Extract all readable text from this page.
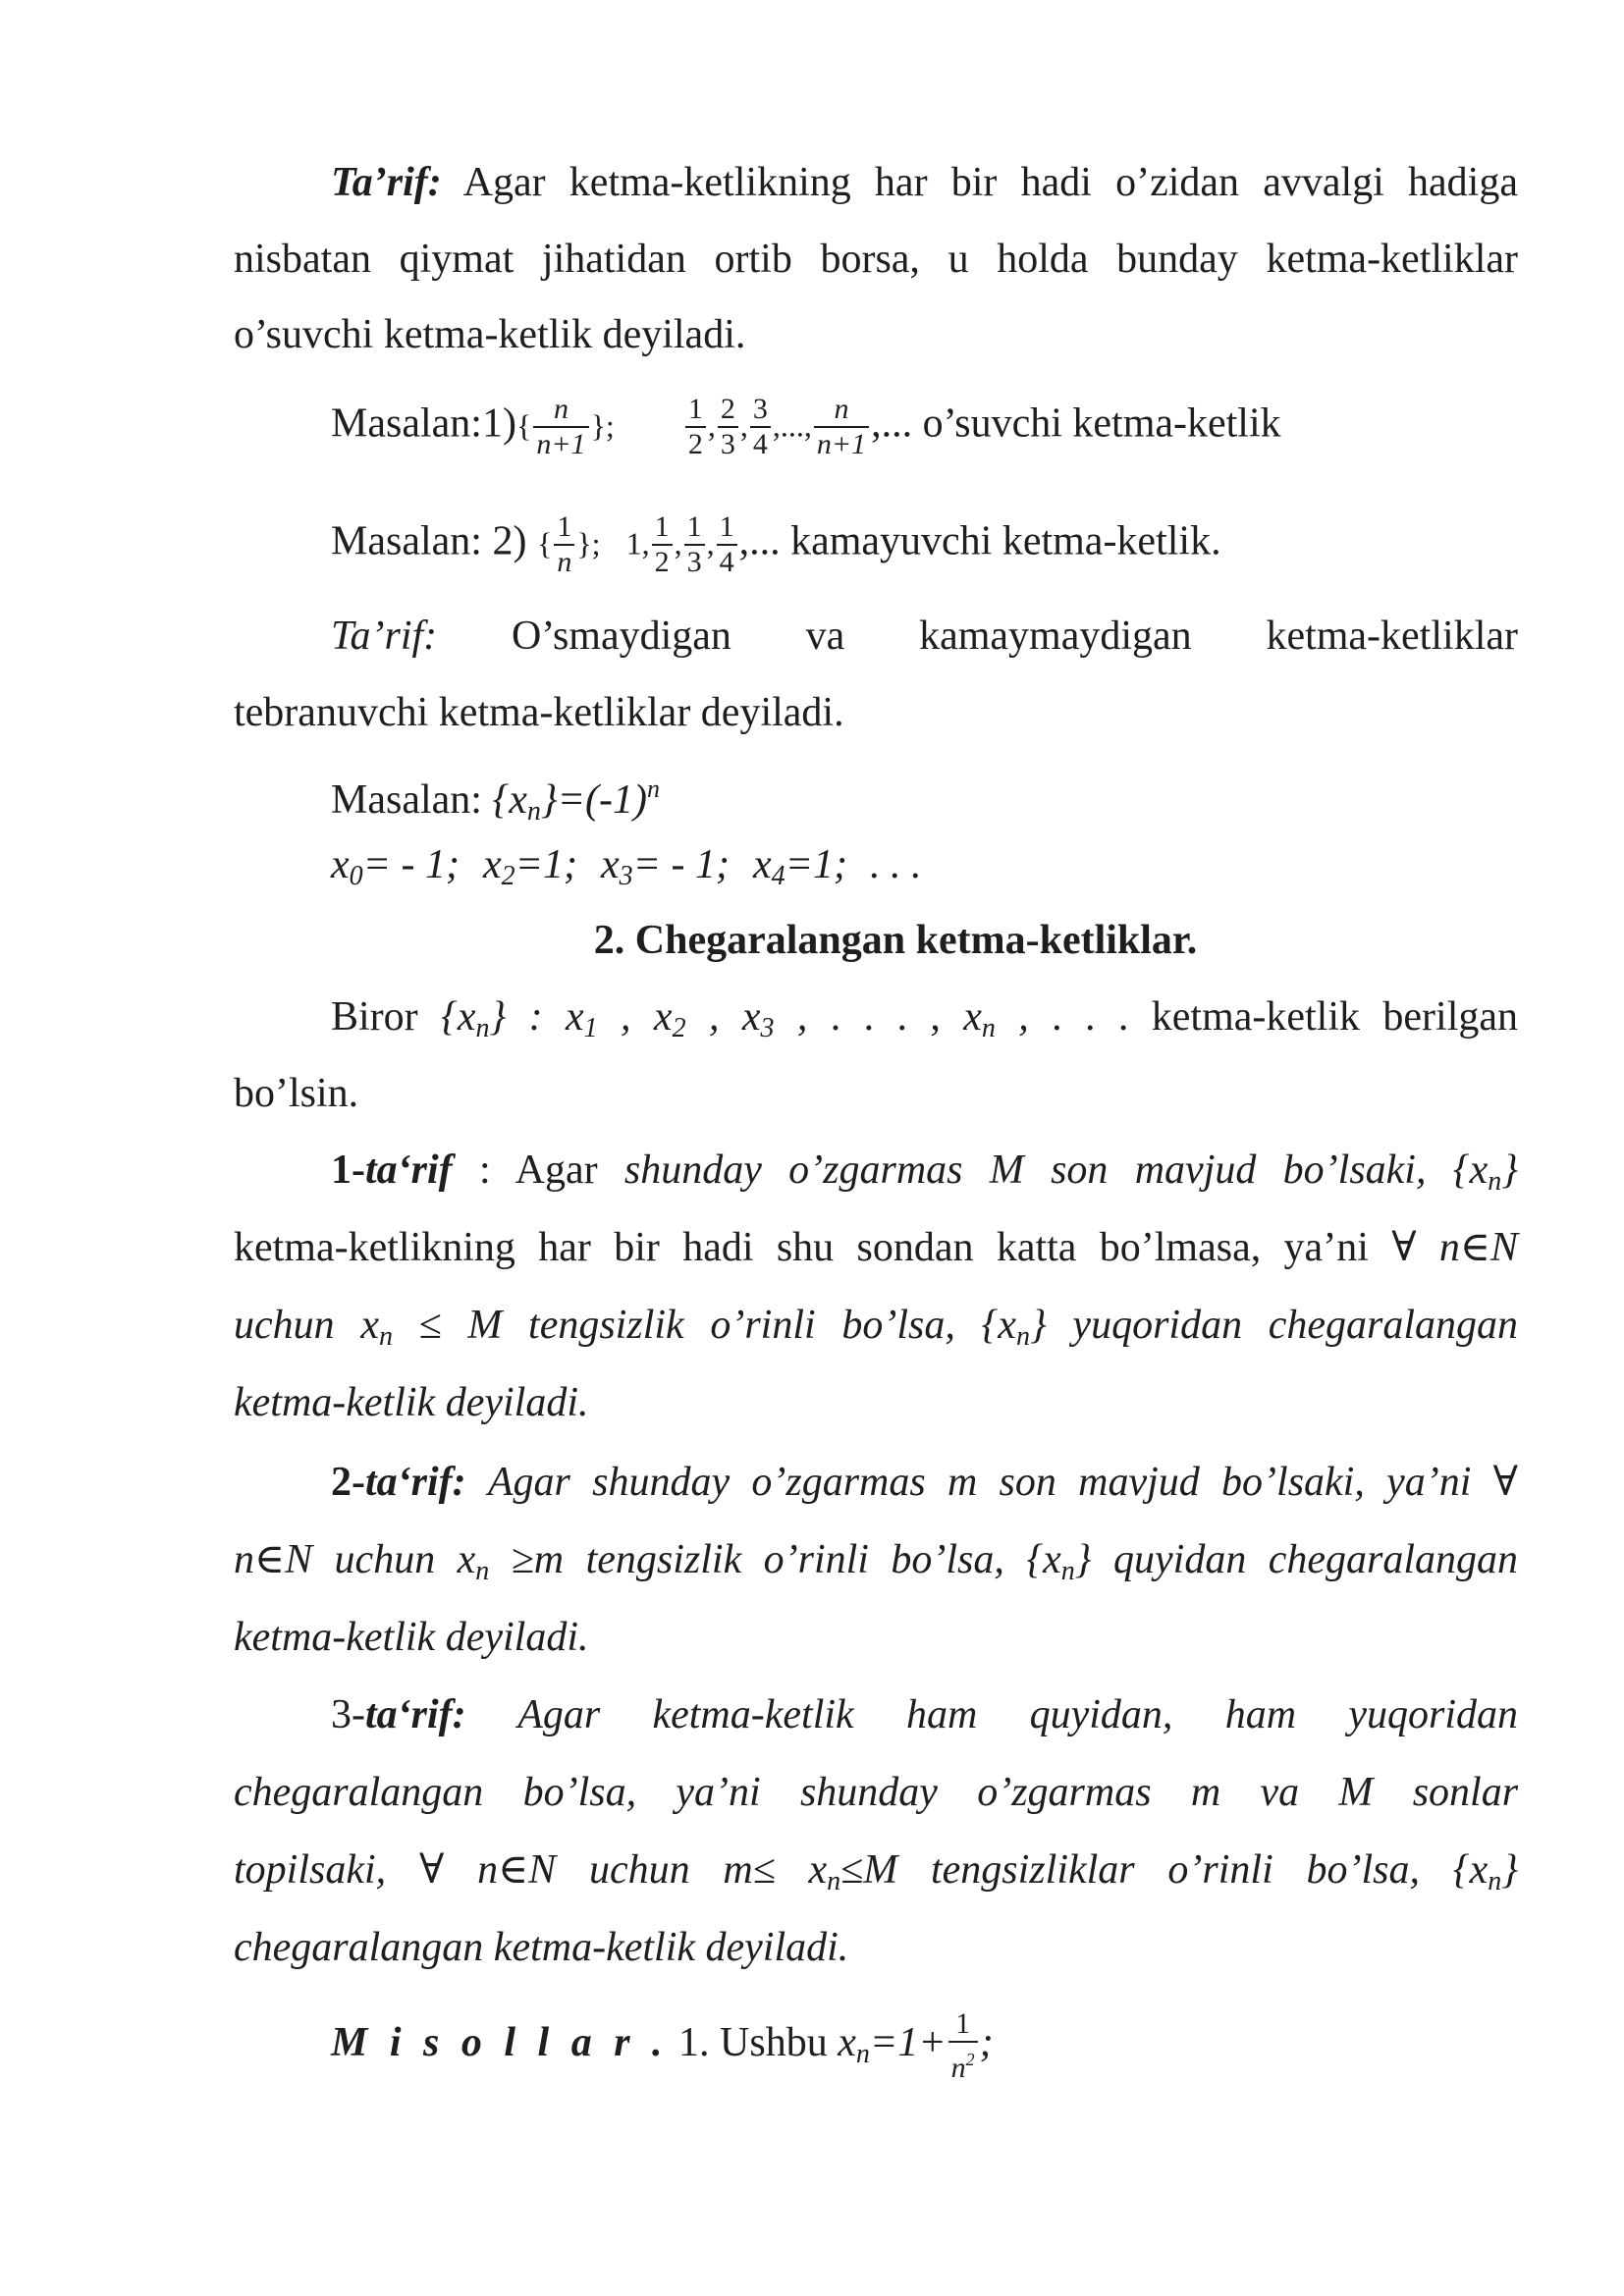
Ta’rif: Agar ketma-ketlikning har bir hadi o’zidan avvalgi hadiga
nisbatan qiymat jihatidan ortib borsa, u holda bunday ketma-ketliklar
o’suvchi ketma-ketlik deyiladi.
Masalan:1){ $\frac{n}{n+1}$ }; $\frac{1}{2}$ , $\frac{2}{3}$ , $\frac{3}{4}$ ,..., $\frac{n}{n+1}$ ,... o’suvchi ketma-ketlik
Masalan: 2) { $\frac{1}{n}$ }; 1, $\frac{1}{2}$ , $\frac{1}{3}$ , $\frac{1}{4}$ ,... kamayuvchi ketma-ketlik.
Ta’rif: O’smaydigan va kamaymaydigan ketma-ketliklar
tebranuvchi ketma-ketliklar deyiladi.
Masalan: $\{xn\}=(-1)^n$
x0= - 1; x2=1; x3= - 1; x4=1; . . .
2. Chegaralangan ketma-ketliklar.
Biror {xn} : x1 , x2 , x3 , . . . , xn , . . . ketma-ketlik berilgan
bo’lsin.
1-ta‘rif : Agar shunday o’zgarmas M son mavjud bo’lsaki, {xn}
ketma-ketlikning har bir hadi shu sondan katta bo’lmasa, ya’ni ∀ n∈N
uchun xn ≤ M tengsizlik o’rinli bo’lsa, {xn} yuqoridan chegaralangan
ketma-ketlik deyiladi.
2-ta‘rif: Agar shunday o’zgarmas m son mavjud bo’lsaki, ya’ni ∀
n∈N uchun xn ≥m tengsizlik o’rinli bo’lsa, {xn} quyidan chegaralangan
ketma-ketlik deyiladi.
3-ta‘rif: Agar ketma-ketlik ham quyidan, ham yuqoridan
chegaralangan bo’lsa, ya’ni shunday o’zgarmas m va M sonlar
topilsaki, ∀ n∈N uchun m≤ xn≤M tengsizliklar o’rinli bo’lsa, {xn}
chegaralangan ketma-ketlik deyiladi.
M i s o l l a r . 1. Ushbu $xn=1+ \frac{1}{n^2}$ ;
